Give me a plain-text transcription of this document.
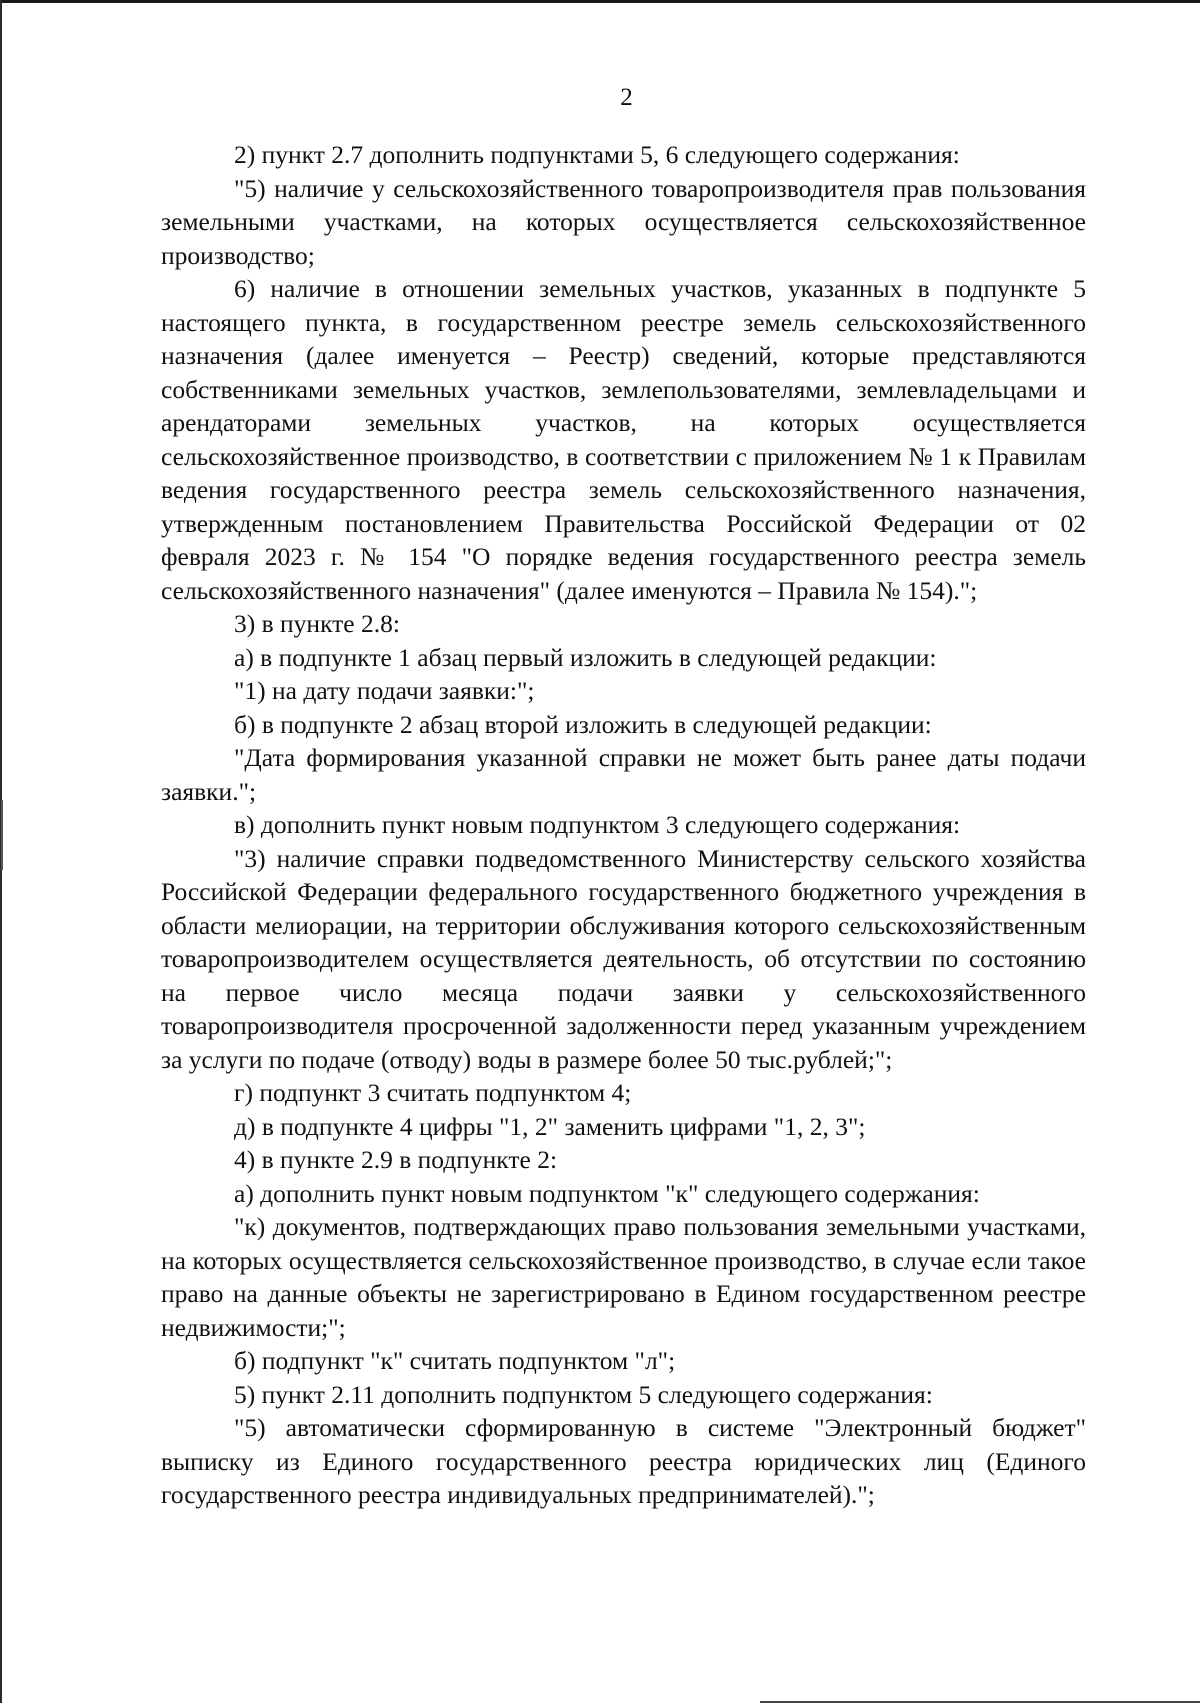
2

2) пункт 2.7 дополнить подпунктами 5, 6 следующего содержания:

"5) наличие у сельскохозяйственного товаропроизводителя прав пользования земельными участками, на которых осуществляется сельскохозяйственное производство;

6) наличие в отношении земельных участков, указанных в подпункте 5 настоящего пункта, в государственном реестре земель сельскохозяйственного назначения (далее именуется – Реестр) сведений, которые представляются собственниками земельных участков, землепользователями, землевладельцами и арендаторами земельных участков, на которых осуществляется сельскохозяйственное производство, в соответствии с приложением № 1 к Правилам ведения государственного реестра земель сельскохозяйственного назначения, утвержденным постановлением Правительства Российской Федерации от 02 февраля 2023 г. № 154 "О порядке ведения государственного реестра земель сельскохозяйственного назначения" (далее именуются – Правила № 154).";

3) в пункте 2.8:

а) в подпункте 1 абзац первый изложить в следующей редакции:

"1) на дату подачи заявки:";

б) в подпункте 2 абзац второй изложить в следующей редакции:

"Дата формирования указанной справки не может быть ранее даты подачи заявки.";

в) дополнить пункт новым подпунктом 3 следующего содержания:

"3) наличие справки подведомственного Министерству сельского хозяйства Российской Федерации федерального государственного бюджетного учреждения в области мелиорации, на территории обслуживания которого сельскохозяйственным товаропроизводителем осуществляется деятельность, об отсутствии по состоянию на первое число месяца подачи заявки у сельскохозяйственного товаропроизводителя просроченной задолженности перед указанным учреждением за услуги по подаче (отводу) воды в размере более 50 тыс.рублей;";

г) подпункт 3 считать подпунктом 4;

д) в подпункте 4 цифры "1, 2" заменить цифрами "1, 2, 3";

4) в пункте 2.9 в подпункте 2:

а) дополнить пункт новым подпунктом "к" следующего содержания:

"к) документов, подтверждающих право пользования земельными участками, на которых осуществляется сельскохозяйственное производство, в случае если такое право на данные объекты не зарегистрировано в Едином государственном реестре недвижимости;";

б) подпункт "к" считать подпунктом "л";

5) пункт 2.11 дополнить подпунктом 5 следующего содержания:

"5) автоматически сформированную в системе "Электронный бюджет" выписку из Единого государственного реестра юридических лиц (Единого государственного реестра индивидуальных предпринимателей).";
